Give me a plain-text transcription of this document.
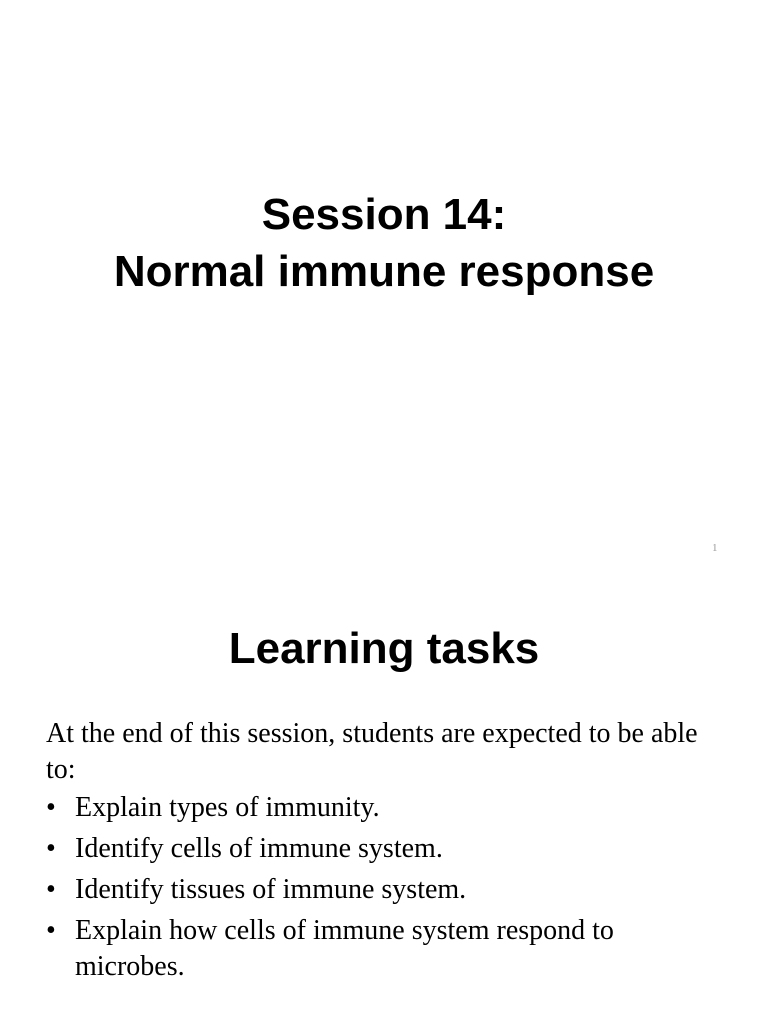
Session 14:
Normal immune response
1
Learning tasks

At the end of this session, students are expected to be able to:

• Explain types of immunity.
• Identify cells of immune system.
• Identify tissues of immune system.
• Explain how cells of immune system respond to microbes.
